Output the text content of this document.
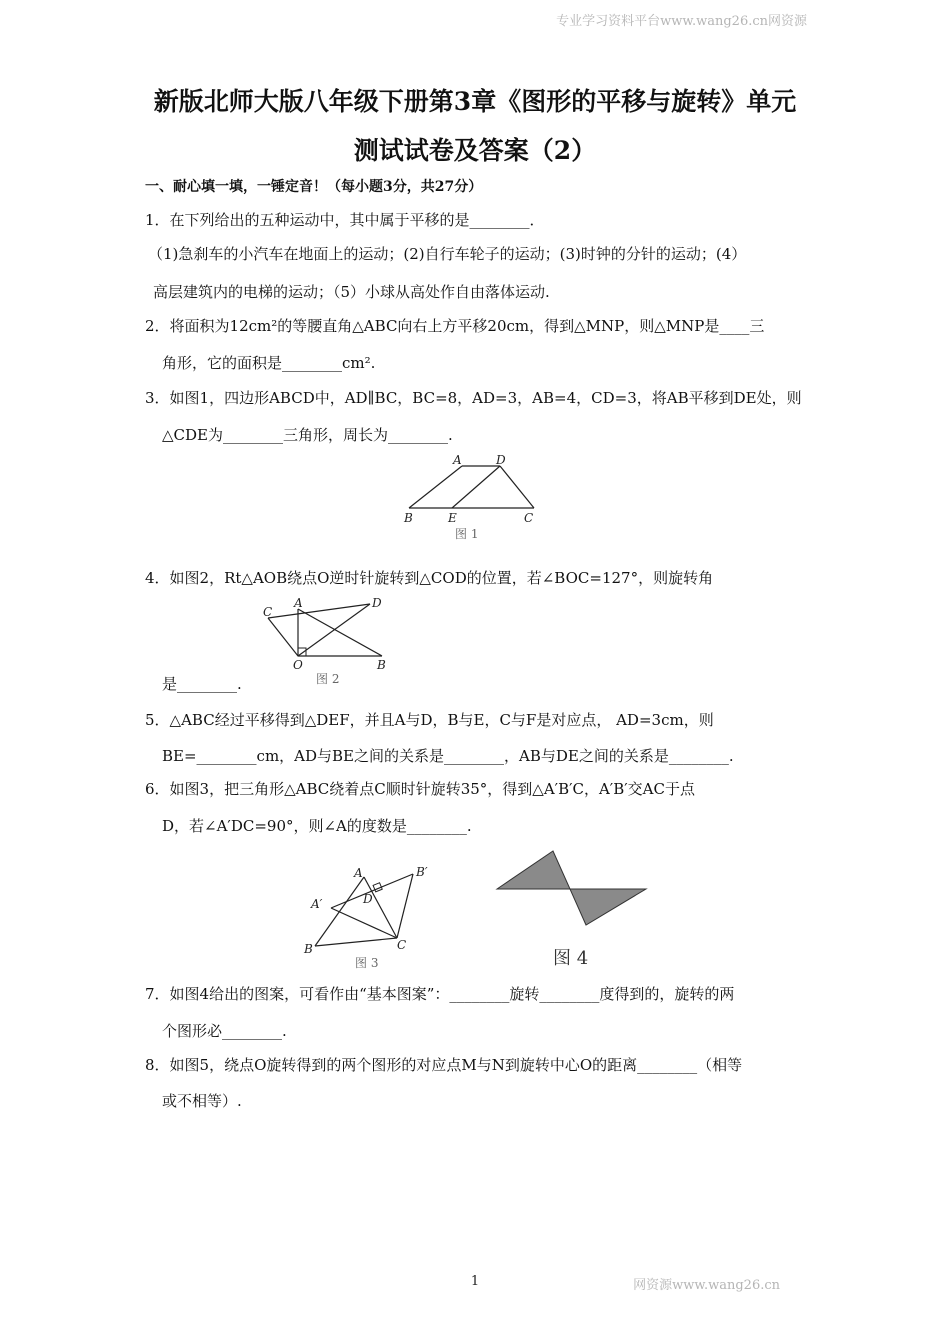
专业学习资料平台www.wang26.cn网资源
新版北师大版八年级下册第3章《图形的平移与旋转》单元
测试试卷及答案（2）
一、耐心填一填，一锤定音！（每小题3分，共27分）
1．在下列给出的五种运动中，其中属于平移的是________．
（1)急刹车的小汽车在地面上的运动；(2)自行车轮子的运动；(3)时钟的分针的运动；(4）
高层建筑内的电梯的运动；（5）小球从高处作自由落体运动.
2．将面积为12cm²的等腰直角△ABC向右上方平移20cm，得到△MNP，则△MNP是____三
角形，它的面积是________cm².
3．如图1，四边形ABCD中，AD∥BC，BC=8，AD=3，AB=4，CD=3，将AB平移到DE处，则
△CDE为________三角形，周长为________.
A	D
B	E	C
图 1
4．如图2，Rt△AOB绕点O逆时针旋转到△COD的位置，若∠BOC=127°，则旋转角
C
A	D
O	B
图 2
是________.
5．△ABC经过平移得到△DEF，并且A与D，B与E，C与F是对应点， AD=3cm，则
BE=________cm，AD与BE之间的关系是________，AB与DE之间的关系是________.
6．如图3，把三角形△ABC绕着点C顺时针旋转35°，得到△A′B′C，A′B′交AC于点
D，若∠A′DC=90°，则∠A的度数是________.
A	B′
A′	D
B	C
图 3	图 4
7．如图4给出的图案，可看作由“基本图案”：________旋转________度得到的，旋转的两
个图形必________.
8．如图5，绕点O旋转得到的两个图形的对应点M与N到旋转中心O的距离________（相等
或不相等）.
1	网资源www.wang26.cn
